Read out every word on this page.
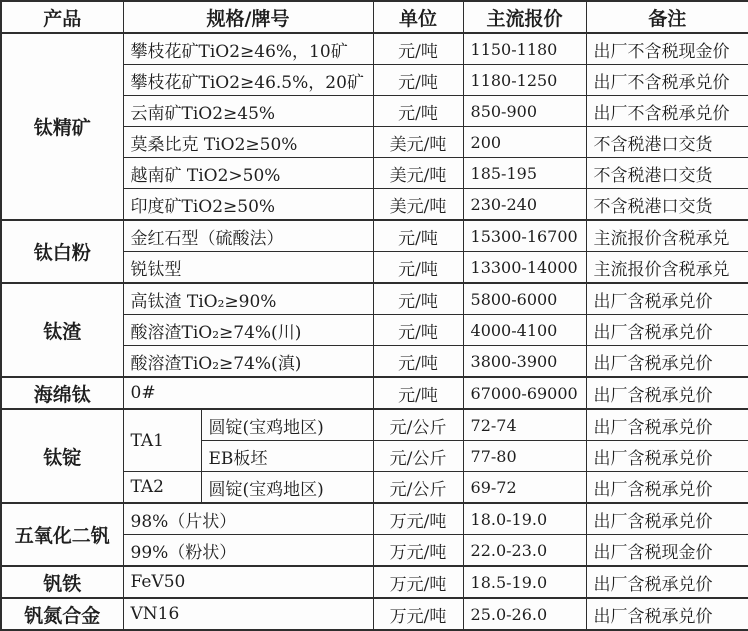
产品	规格/牌号		单位	主流报价	备注
钛精矿	攀枝花矿TiO2≥46%，10矿		元/吨	1150-1180	出厂不含税现金价
	攀枝花矿TiO2≥46.5%，20矿		元/吨	1180-1250	出厂不含税承兑价
	云南矿TiO2≥45%		元/吨	850-900	出厂不含税承兑价
	莫桑比克 TiO2≥50%		美元/吨	200	不含税港口交货
	越南矿 TiO2>50%		美元/吨	185-195	不含税港口交货
	印度矿TiO2≥50%		美元/吨	230-240	不含税港口交货
钛白粉	金红石型（硫酸法）		元/吨	15300-16700	主流报价含税承兑
	锐钛型		元/吨	13300-14000	主流报价含税承兑
钛渣	高钛渣 TiO₂≥90%		元/吨	5800-6000	出厂含税承兑价
	酸溶渣TiO₂≥74%(川)		元/吨	4000-4100	出厂含税承兑价
	酸溶渣TiO₂≥74%(滇)		元/吨	3800-3900	出厂含税承兑价
海绵钛	0#		元/吨	67000-69000	出厂含税承兑价
钛锭	TA1	圆锭(宝鸡地区)	元/公斤	72-74	出厂含税承兑价
		EB板坯	元/公斤	77-80	出厂含税承兑价
	TA2	圆锭(宝鸡地区)	元/公斤	69-72	出厂含税承兑价
五氧化二钒	98%（片状）		万元/吨	18.0-19.0	出厂含税承兑价
	99%（粉状）		万元/吨	22.0-23.0	出厂含税现金价
钒铁	FeV50		万元/吨	18.5-19.0	出厂含税承兑价
钒氮合金	VN16		万元/吨	25.0-26.0	出厂含税承兑价
